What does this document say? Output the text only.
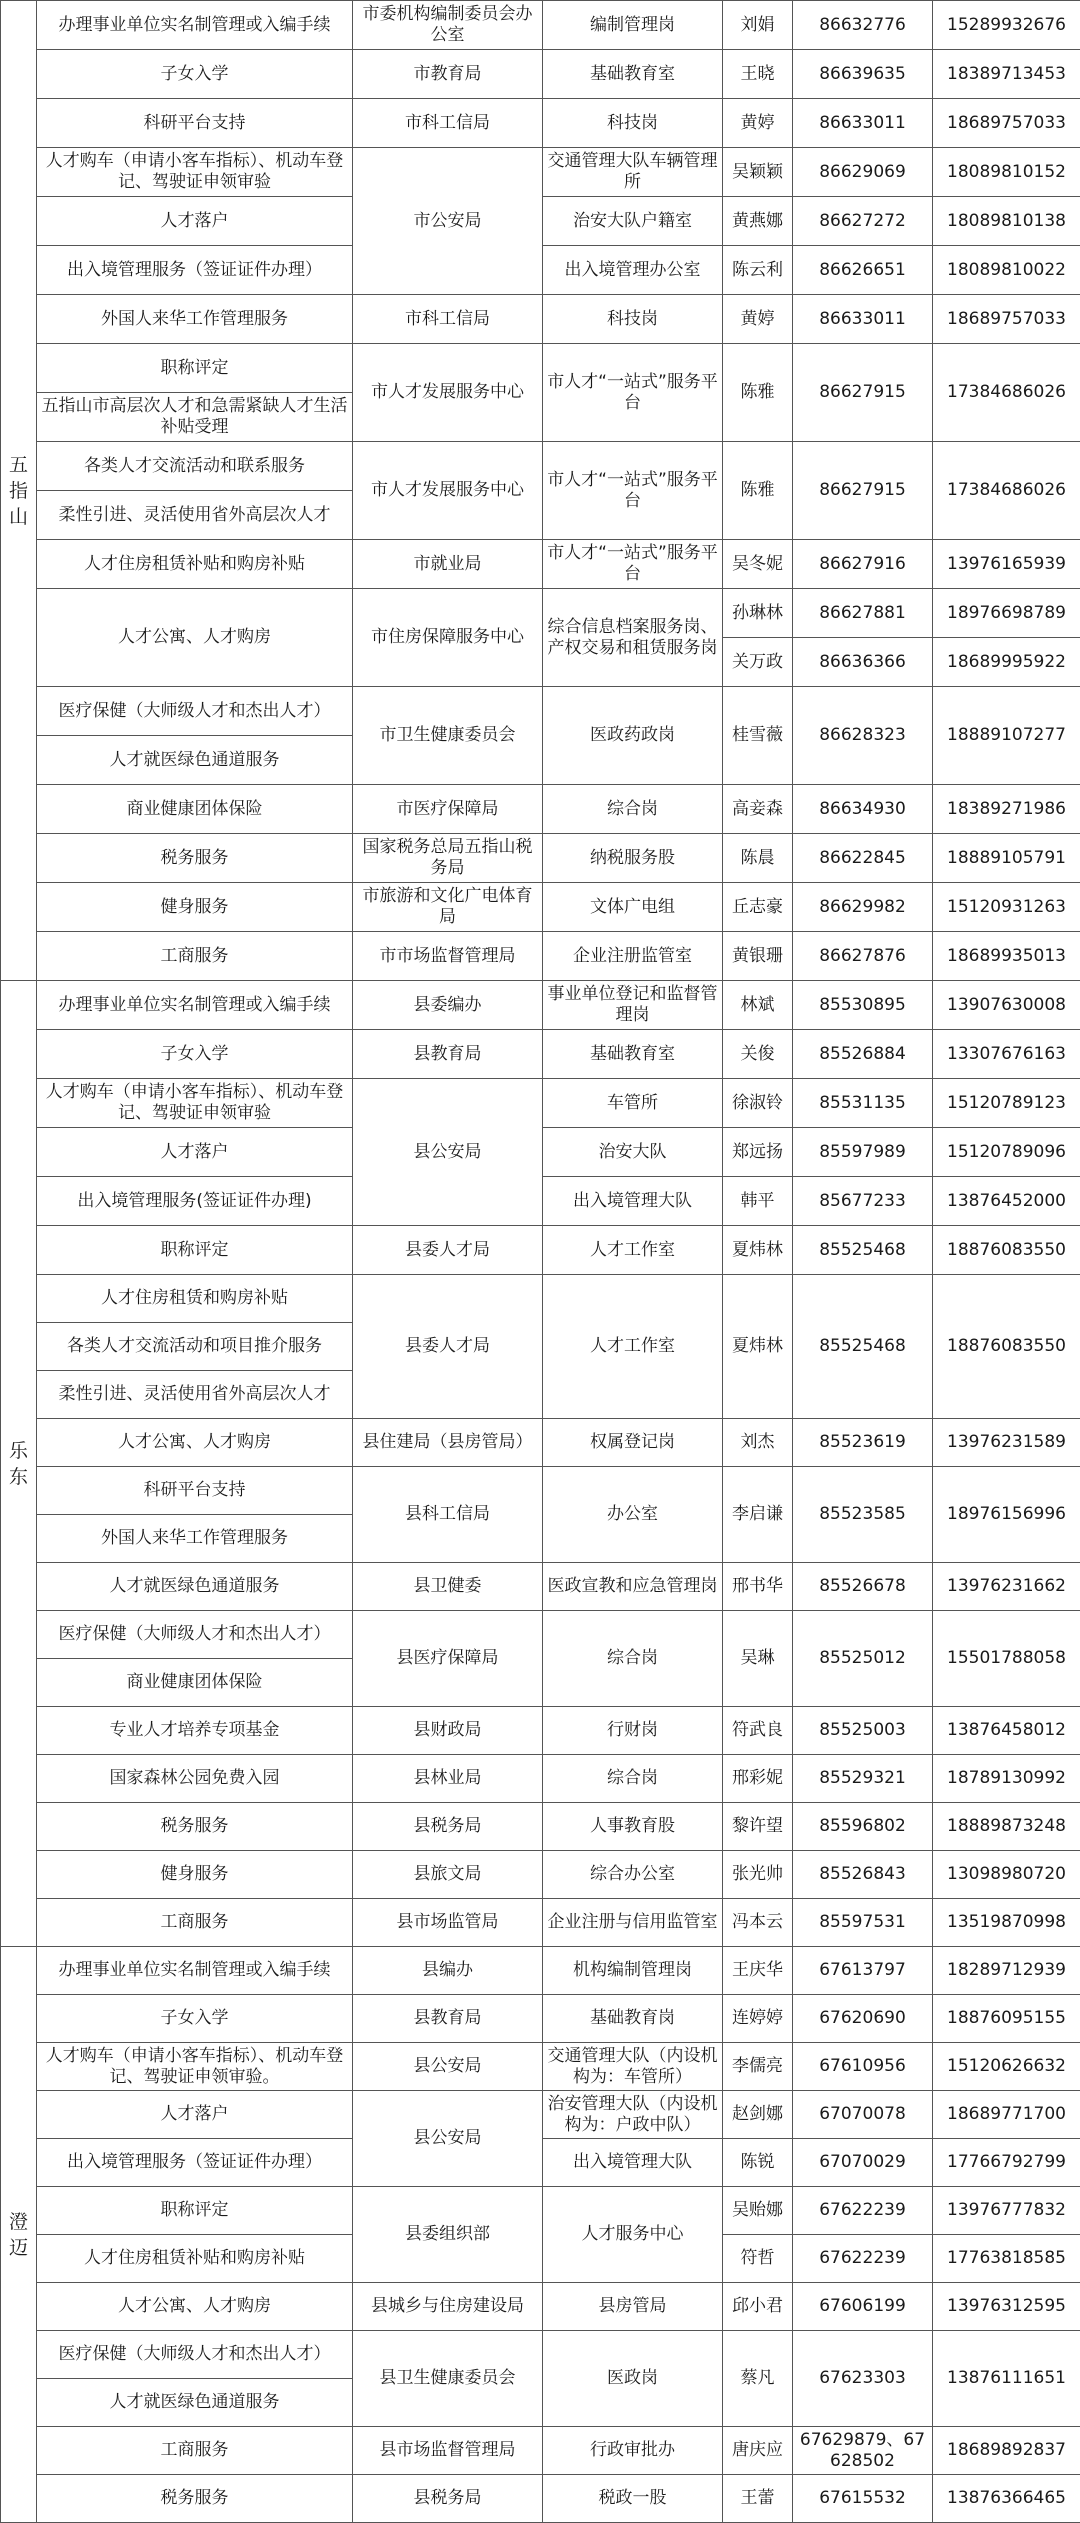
五指山	办理事业单位实名制管理或入编手续	市委机构编制委员会办公室	编制管理岗	刘娟	86632776	15289932676
	子女入学	市教育局	基础教育室	王晓	86639635	18389713453
	科研平台支持	市科工信局	科技岗	黄婷	86633011	18689757033
	人才购车（申请小客车指标）、机动车登记、驾驶证申领审验	市公安局	交通管理大队车辆管理所	吴颖颖	86629069	18089810152
	人才落户		治安大队户籍室	黄燕娜	86627272	18089810138
	出入境管理服务（签证证件办理）		出入境管理办公室	陈云利	86626651	18089810022
	外国人来华工作管理服务	市科工信局	科技岗	黄婷	86633011	18689757033
	职称评定	市人才发展服务中心	市人才“一站式”服务平台	陈雅	86627915	17384686026
	五指山市高层次人才和急需紧缺人才生活补贴受理					
	各类人才交流活动和联系服务	市人才发展服务中心	市人才“一站式”服务平台	陈雅	86627915	17384686026
	柔性引进、灵活使用省外高层次人才					
	人才住房租赁补贴和购房补贴	市就业局	市人才“一站式”服务平台	吴冬妮	86627916	13976165939
	人才公寓、人才购房	市住房保障服务中心	综合信息档案服务岗、产权交易和租赁服务岗	孙琳林	86627881	18976698789
				关万政	86636366	18689995922
	医疗保健（大师级人才和杰出人才）	市卫生健康委员会	医政药政岗	桂雪薇	86628323	18889107277
	人才就医绿色通道服务					
	商业健康团体保险	市医疗保障局	综合岗	高妾森	86634930	18389271986
	税务服务	国家税务总局五指山税务局	纳税服务股	陈晨	86622845	18889105791
	健身服务	市旅游和文化广电体育局	文体广电组	丘志豪	86629982	15120931263
	工商服务	市市场监督管理局	企业注册监管室	黄银珊	86627876	18689935013
乐东	办理事业单位实名制管理或入编手续	县委编办	事业单位登记和监督管理岗	林斌	85530895	13907630008
	子女入学	县教育局	基础教育室	关俊	85526884	13307676163
	人才购车（申请小客车指标）、机动车登记、驾驶证申领审验	县公安局	车管所	徐淑铃	85531135	15120789123
	人才落户		治安大队	郑远扬	85597989	15120789096
	出入境管理服务(签证证件办理)		出入境管理大队	韩平	85677233	13876452000
	职称评定	县委人才局	人才工作室	夏炜林	85525468	18876083550
	人才住房租赁和购房补贴	县委人才局	人才工作室	夏炜林	85525468	18876083550
	各类人才交流活动和项目推介服务					
	柔性引进、灵活使用省外高层次人才					
	人才公寓、人才购房	县住建局（县房管局）	权属登记岗	刘杰	85523619	13976231589
	科研平台支持	县科工信局	办公室	李启谦	85523585	18976156996
	外国人来华工作管理服务					
	人才就医绿色通道服务	县卫健委	医政宣教和应急管理岗	邢书华	85526678	13976231662
	医疗保健（大师级人才和杰出人才）	县医疗保障局	综合岗	吴琳	85525012	15501788058
	商业健康团体保险					
	专业人才培养专项基金	县财政局	行财岗	符武良	85525003	13876458012
	国家森林公园免费入园	县林业局	综合岗	邢彩妮	85529321	18789130992
	税务服务	县税务局	人事教育股	黎许望	85596802	18889873248
	健身服务	县旅文局	综合办公室	张光帅	85526843	13098980720
	工商服务	县市场监管局	企业注册与信用监管室	冯本云	85597531	13519870998
澄迈	办理事业单位实名制管理或入编手续	县编办	机构编制管理岗	王庆华	67613797	18289712939
	子女入学	县教育局	基础教育岗	连婷婷	67620690	18876095155
	人才购车（申请小客车指标）、机动车登记、驾驶证申领审验。	县公安局	交通管理大队（内设机构为：车管所）	李儒亮	67610956	15120626632
	人才落户	县公安局	治安管理大队（内设机构为：户政中队）	赵剑娜	67070078	18689771700
	出入境管理服务（签证证件办理）		出入境管理大队	陈锐	67070029	17766792799
	职称评定	县委组织部	人才服务中心	吴贻娜	67622239	13976777832
	人才住房租赁补贴和购房补贴			符哲	67622239	17763818585
	人才公寓、人才购房	县城乡与住房建设局	县房管局	邱小君	67606199	13976312595
	医疗保健（大师级人才和杰出人才）	县卫生健康委员会	医政岗	蔡凡	67623303	13876111651
	人才就医绿色通道服务					
	工商服务	县市场监督管理局	行政审批办	唐庆应	67629879、67628502	18689892837
	税务服务	县税务局	税政一股	王蕾	67615532	13876366465
